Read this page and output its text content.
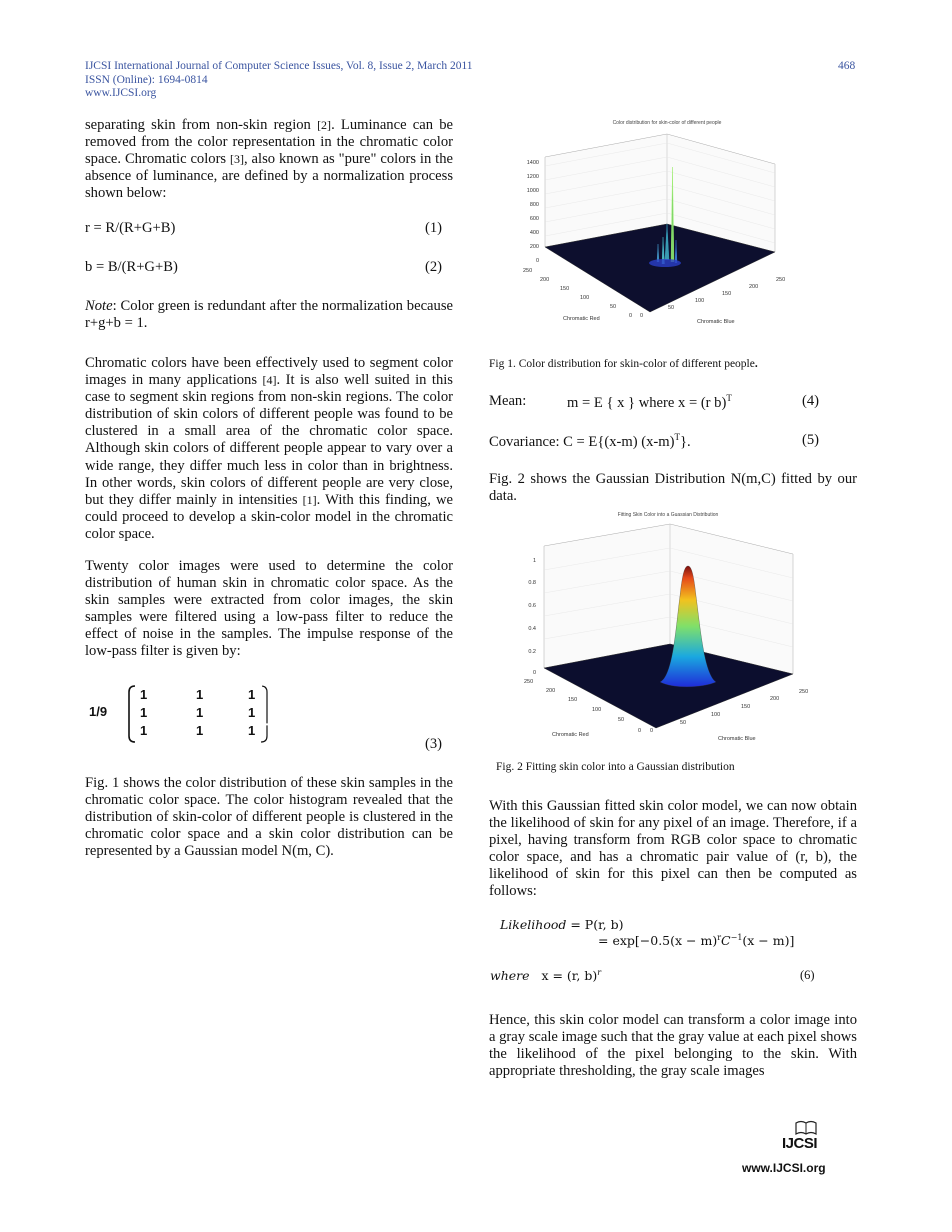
IJCSI International Journal of Computer Science Issues, Vol. 8, Issue 2, March 2011
ISSN (Online): 1694-0814
www.IJCSI.org
468

separating skin from non-skin region [2]. Luminance can be removed from the color representation in the chromatic color space. Chromatic colors [3], also known as "pure" colors in the absence of luminance, are defined by a normalization process shown below:

r = R/(R+G+B)	(1)
b = B/(R+G+B)	(2)

Note: Color green is redundant after the normalization because r+g+b = 1.

Chromatic colors have been effectively used to segment color images in many applications [4]. It is also well suited in this case to segment skin regions from non-skin regions. The color distribution of skin colors of different people was found to be clustered in a small area of the chromatic color space. Although skin colors of different people appear to vary over a wide range, they differ much less in color than in brightness. In other words, skin colors of different people are very close, but they differ mainly in intensities [1]. With this finding, we could proceed to develop a skin-color model in the chromatic color space.

Twenty color images were used to determine the color distribution of human skin in chromatic color space. As the skin samples were extracted from color images, the skin samples were filtered using a low-pass filter to reduce the effect of noise in the samples. The impulse response of the low-pass filter is given by:

1/9
1	1	1
1	1	1
1	1	1
(3)

Fig. 1 shows the color distribution of these skin samples in the chromatic color space. The color histogram revealed that the distribution of skin-color of different people is clustered in the chromatic color space and a skin color distribution can be represented by a Gaussian model N(m, C).

Color distribution for skin-color of different people
1400
1200
1000
800
600
400
200
0
250
200
150
100
50
0 0
50
100
150
200
250
Chromatic Red	Chromatic Blue
Fig 1. Color distribution for skin-color of different people.
Mean:	m = E { x } where x = (r b)$^T$	(4)
Covariance: C = E{(x-m) $(x-m)^T$}.	(5)

Fig. 2 shows the Gaussian Distribution N(m,C) fitted by our data.

Fitting Skin Color into a Guassian Distribution
1
0.8
0.6
0.4
0.2
0
250
200
150
100
50
0 0
50
100
150
200
250
Chromatic Red
Chromatic Blue
Fig. 2 Fitting skin color into a Gaussian distribution

With this Gaussian fitted skin color model, we can now obtain the likelihood of skin for any pixel of an image. Therefore, if a pixel, having transform from RGB color space to chromatic color space, and has a chromatic pair value of (r, b), the likelihood of skin for this pixel can then be computed as follows:

Likelihood = P(r, b)
= $\exp[-0.5(x - m)^rC^{-1}(x - m)]$
where x = (r, b)$^r$	(6)

Hence, this skin color model can transform a color image into a gray scale image such that the gray value at each pixel shows the likelihood of the pixel belonging to the skin. With appropriate thresholding, the gray scale images

IJCSI
www.IJCSI.org
